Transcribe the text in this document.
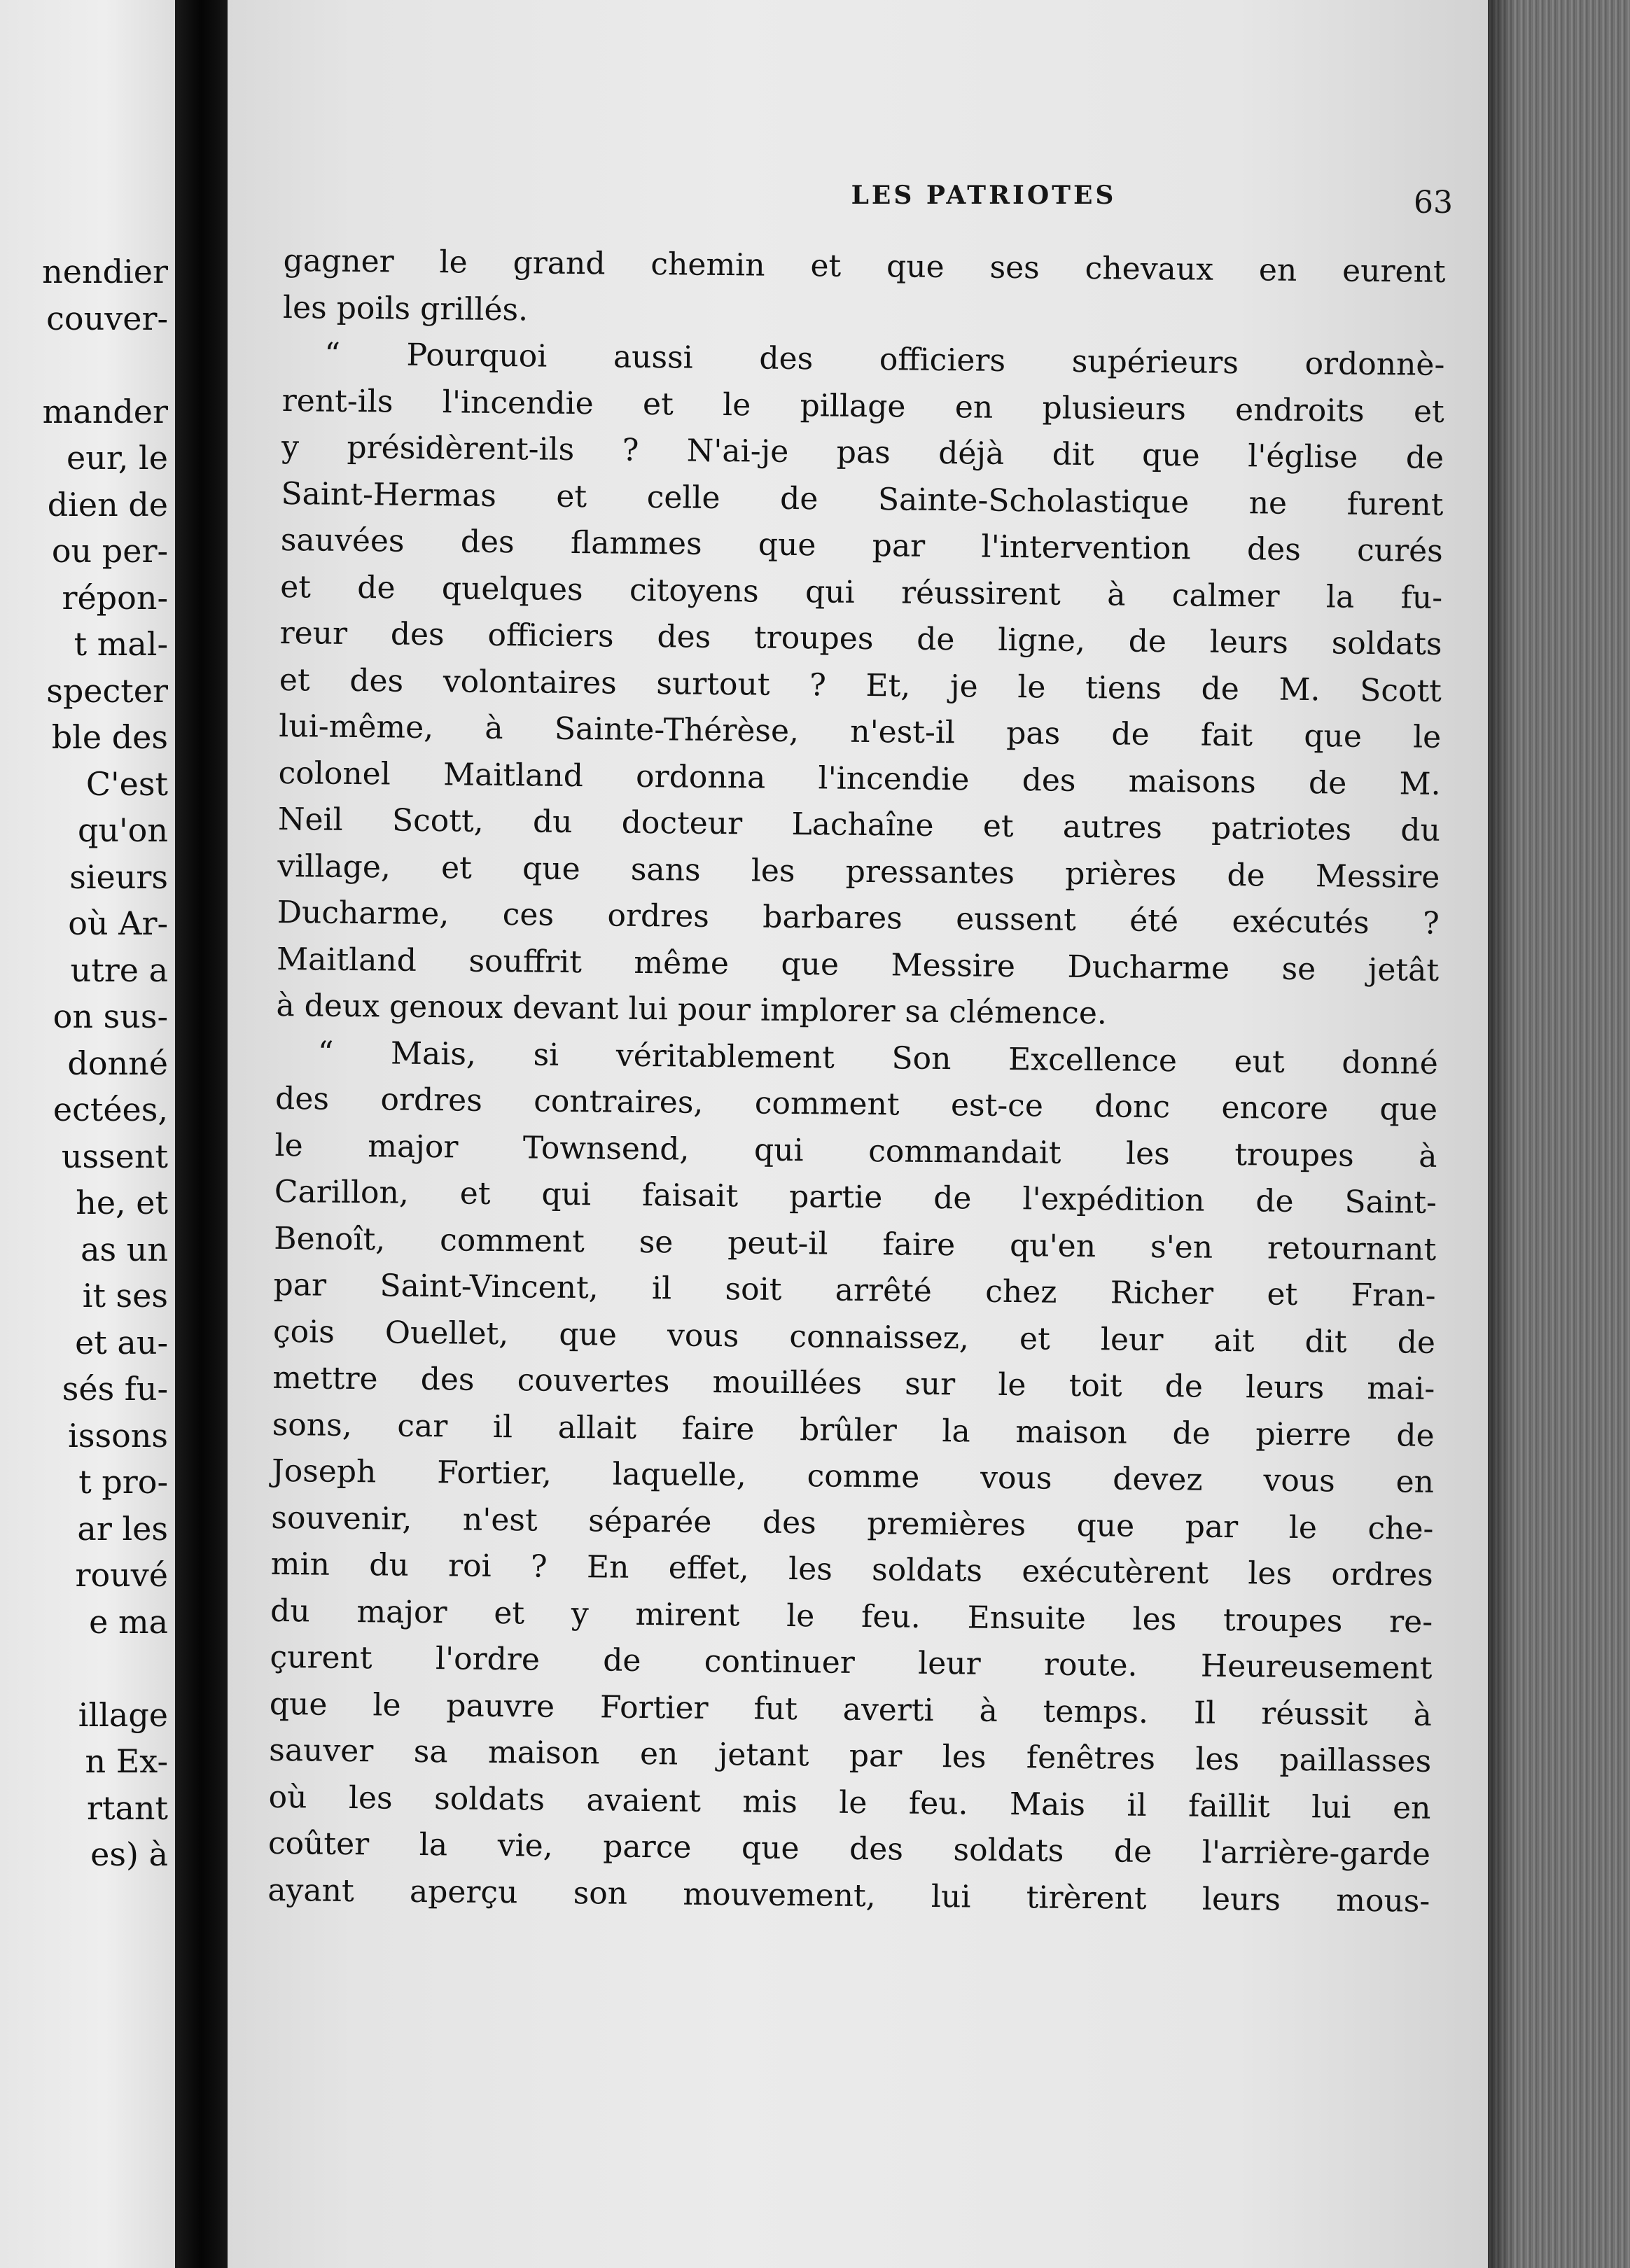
nendier
couver-
mander
eur, le
dien de
ou per-
répon-
t mal-
specter
ble des
C'est
qu'on
sieurs
où Ar-
utre a
on sus-
donné
ectées,
ussent
he, et
as un
it ses
et au-
sés fu-
issons
t pro-
ar les
rouvé
e ma
illage
n Ex-
rtant
es) à
LES PATRIOTES	63
gagner le grand chemin et que ses chevaux en eurent
les poils grillés.
“ Pourquoi aussi des officiers supérieurs ordonnè-
rent-ils l'incendie et le pillage en plusieurs endroits et
y présidèrent-ils ? N'ai-je pas déjà dit que l'église de
Saint-Hermas et celle de Sainte-Scholastique ne furent
sauvées des flammes que par l'intervention des curés
et de quelques citoyens qui réussirent à calmer la fu-
reur des officiers des troupes de ligne, de leurs soldats
et des volontaires surtout ? Et, je le tiens de M. Scott
lui-même, à Sainte-Thérèse, n'est-il pas de fait que le
colonel Maitland ordonna l'incendie des maisons de M.
Neil Scott, du docteur Lachaîne et autres patriotes du
village, et que sans les pressantes prières de Messire
Ducharme, ces ordres barbares eussent été exécutés ?
Maitland souffrit même que Messire Ducharme se jetât
à deux genoux devant lui pour implorer sa clémence.
“ Mais, si véritablement Son Excellence eut donné
des ordres contraires, comment est-ce donc encore que
le major Townsend, qui commandait les troupes à
Carillon, et qui faisait partie de l'expédition de Saint-
Benoît, comment se peut-il faire qu'en s'en retournant
par Saint-Vincent, il soit arrêté chez Richer et Fran-
çois Ouellet, que vous connaissez, et leur ait dit de
mettre des couvertes mouillées sur le toit de leurs mai-
sons, car il allait faire brûler la maison de pierre de
Joseph Fortier, laquelle, comme vous devez vous en
souvenir, n'est séparée des premières que par le che-
min du roi ? En effet, les soldats exécutèrent les ordres
du major et y mirent le feu. Ensuite les troupes re-
çurent l'ordre de continuer leur route. Heureusement
que le pauvre Fortier fut averti à temps. Il réussit à
sauver sa maison en jetant par les fenêtres les paillasses
où les soldats avaient mis le feu. Mais il faillit lui en
coûter la vie, parce que des soldats de l'arrière-garde
ayant aperçu son mouvement, lui tirèrent leurs mous-
